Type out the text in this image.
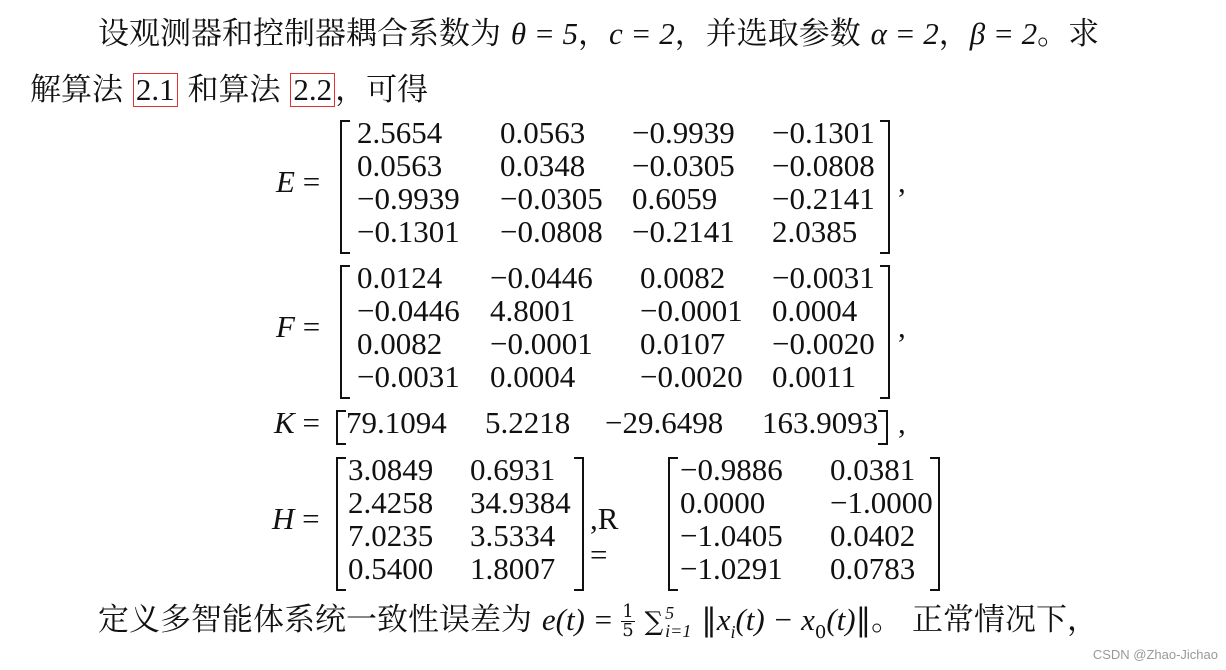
设观测器和控制器耦合系数为 θ = 5，c = 2，并选取参数 α = 2，β = 2。求
解算法 2.1 和算法 2.2，可得
E =
2.5654 0.0563 −0.9939 −0.1301
0.0563 0.0348 −0.0305 −0.0808
−0.9939 −0.0305 0.6059 −0.2141
−0.1301 −0.0808 −0.2141 2.0385
,
F =
0.0124 −0.0446 0.0082 −0.0031
−0.0446 4.8001 −0.0001 0.0004
0.0082 −0.0001 0.0107 −0.0020
−0.0031 0.0004 −0.0020 0.0011
,
K = 79.1094 5.2218 −29.6498 163.9093 ,
H =
3.0849 0.6931
2.4258 34.9384
7.0235 3.5334
0.5400 1.8007
,R =
−0.9886 0.0381
0.0000 −1.0000
−1.0405 0.0402
−1.0291 0.0783
定义多智能体系统一致性误差为 $e(t) = \frac{1}{5}$ ∑ 5
i=1 $‖x_i(t)$ − $x_0(t)‖$。 正常情况下，
CSDN @Zhao-Jichao
